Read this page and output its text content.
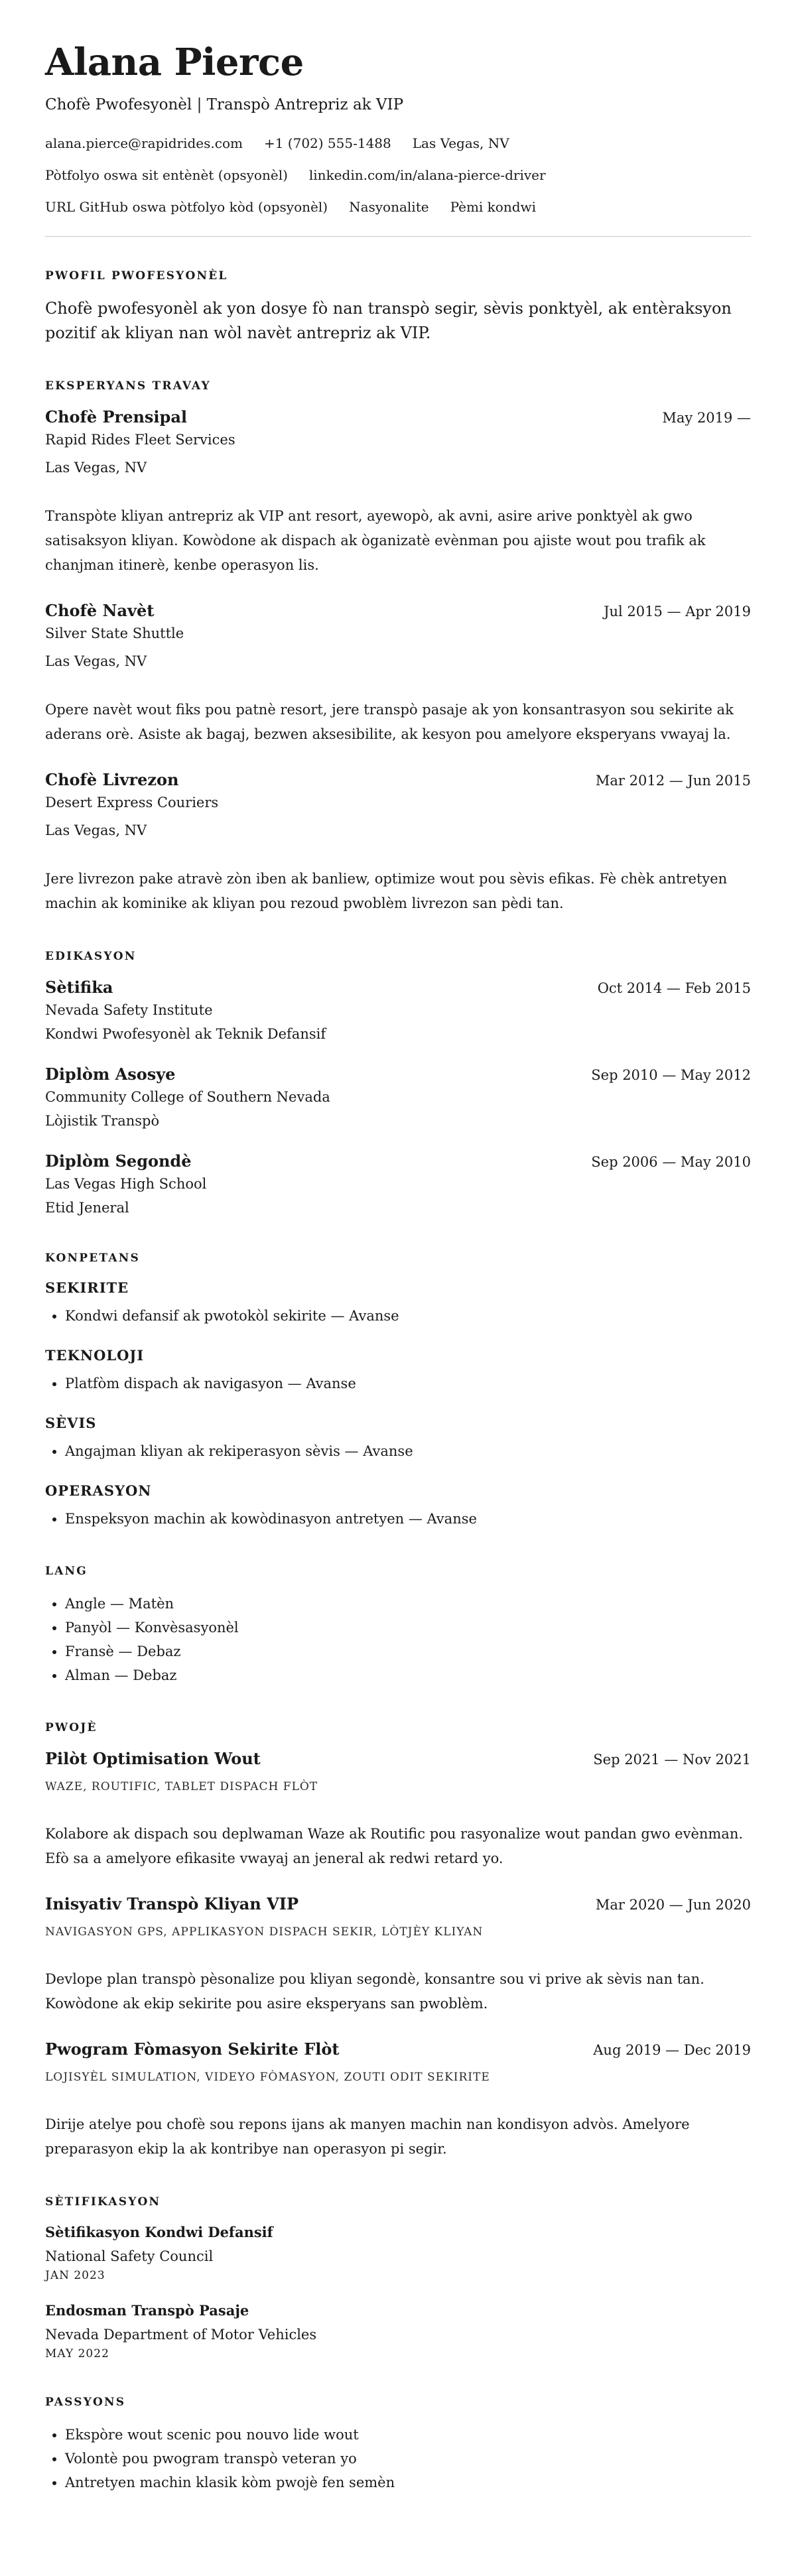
Alana Pierce
Chofè Pwofesyonèl | Transpò Antrepriz ak VIP
alana.pierce@rapidrides.com +1 (702) 555-1488 Las Vegas, NV
Pòtfolyo oswa sit entènèt (opsyonèl) linkedin.com/in/alana-pierce-driver
URL GitHub oswa pòtfolyo kòd (opsyonèl) Nasyonalite Pèmi kondwi
PWOFIL PWOFESYONÈL

Chofè pwofesyonèl ak yon dosye fò nan transpò segir, sèvis ponktyèl, ak entèraksyon pozitif ak kliyan nan wòl navèt antrepriz ak VIP.

EKSPERYANS TRAVAY
Chofè Prensipal	May 2019 —
Rapid Rides Fleet Services
Las Vegas, NV

Transpòte kliyan antrepriz ak VIP ant resort, ayewopò, ak avni, asire arive ponktyèl ak gwo satisaksyon kliyan. Kowòdone ak dispach ak òganizatè evènman pou ajiste wout pou trafik ak chanjman itinerè, kenbe operasyon lis.

Chofè Navèt	Jul 2015 — Apr 2019
Silver State Shuttle
Las Vegas, NV

Opere navèt wout fiks pou patnè resort, jere transpò pasaje ak yon konsantrasyon sou sekirite ak aderans orè. Asiste ak bagaj, bezwen aksesibilite, ak kesyon pou amelyore eksperyans vwayaj la.

Chofè Livrezon	Mar 2012 — Jun 2015
Desert Express Couriers
Las Vegas, NV

Jere livrezon pake atravè zòn iben ak banliew, optimize wout pou sèvis efikas. Fè chèk antretyen machin ak kominike ak kliyan pou rezoud pwoblèm livrezon san pèdi tan.

EDIKASYON
Sètifika	Oct 2014 — Feb 2015
Nevada Safety Institute
Kondwi Pwofesyonèl ak Teknik Defansif
Diplòm Asosye	Sep 2010 — May 2012
Community College of Southern Nevada
Lòjistik Transpò
Diplòm Segondè	Sep 2006 — May 2010
Las Vegas High School
Etid Jeneral
KONPETANS
SEKIRITE
• Kondwi defansif ak pwotokòl sekirite — Avanse
TEKNOLOJI
• Platfòm dispach ak navigasyon — Avanse
SÈVIS
• Angajman kliyan ak rekiperasyon sèvis — Avanse
OPERASYON
• Enspeksyon machin ak kowòdinasyon antretyen — Avanse
LANG
• Angle — Matèn
• Panyòl — Konvèsasyonèl
• Fransè — Debaz
• Alman — Debaz
PWOJÈ
Pilòt Optimisation Wout	Sep 2021 — Nov 2021
WAZE, ROUTIFIC, TABLET DISPACH FLÒT

Kolabore ak dispach sou deplwaman Waze ak Routific pou rasyonalize wout pandan gwo evènman. Efò sa a amelyore efikasite vwayaj an jeneral ak redwi retard yo.

Inisyativ Transpò Kliyan VIP	Mar 2020 — Jun 2020
NAVIGASYON GPS, APPLIKASYON DISPACH SEKIR, LÒTJÈY KLIYAN

Devlope plan transpò pèsonalize pou kliyan segondè, konsantre sou vi prive ak sèvis nan tan. Kowòdone ak ekip sekirite pou asire eksperyans san pwoblèm.

Pwogram Fòmasyon Sekirite Flòt	Aug 2019 — Dec 2019
LOJISYÈL SIMULATION, VIDEYO FÒMASYON, ZOUTI ODIT SEKIRITE

Dirije atelye pou chofè sou repons ijans ak manyen machin nan kondisyon advòs. Amelyore preparasyon ekip la ak kontribye nan operasyon pi segir.

SÈTIFIKASYON
Sètifikasyon Kondwi Defansif
National Safety Council
JAN 2023
Endosman Transpò Pasaje
Nevada Department of Motor Vehicles
MAY 2022
PASSYONS
• Ekspòre wout scenic pou nouvo lide wout
• Volontè pou pwogram transpò veteran yo
• Antretyen machin klasik kòm pwojè fen semèn
